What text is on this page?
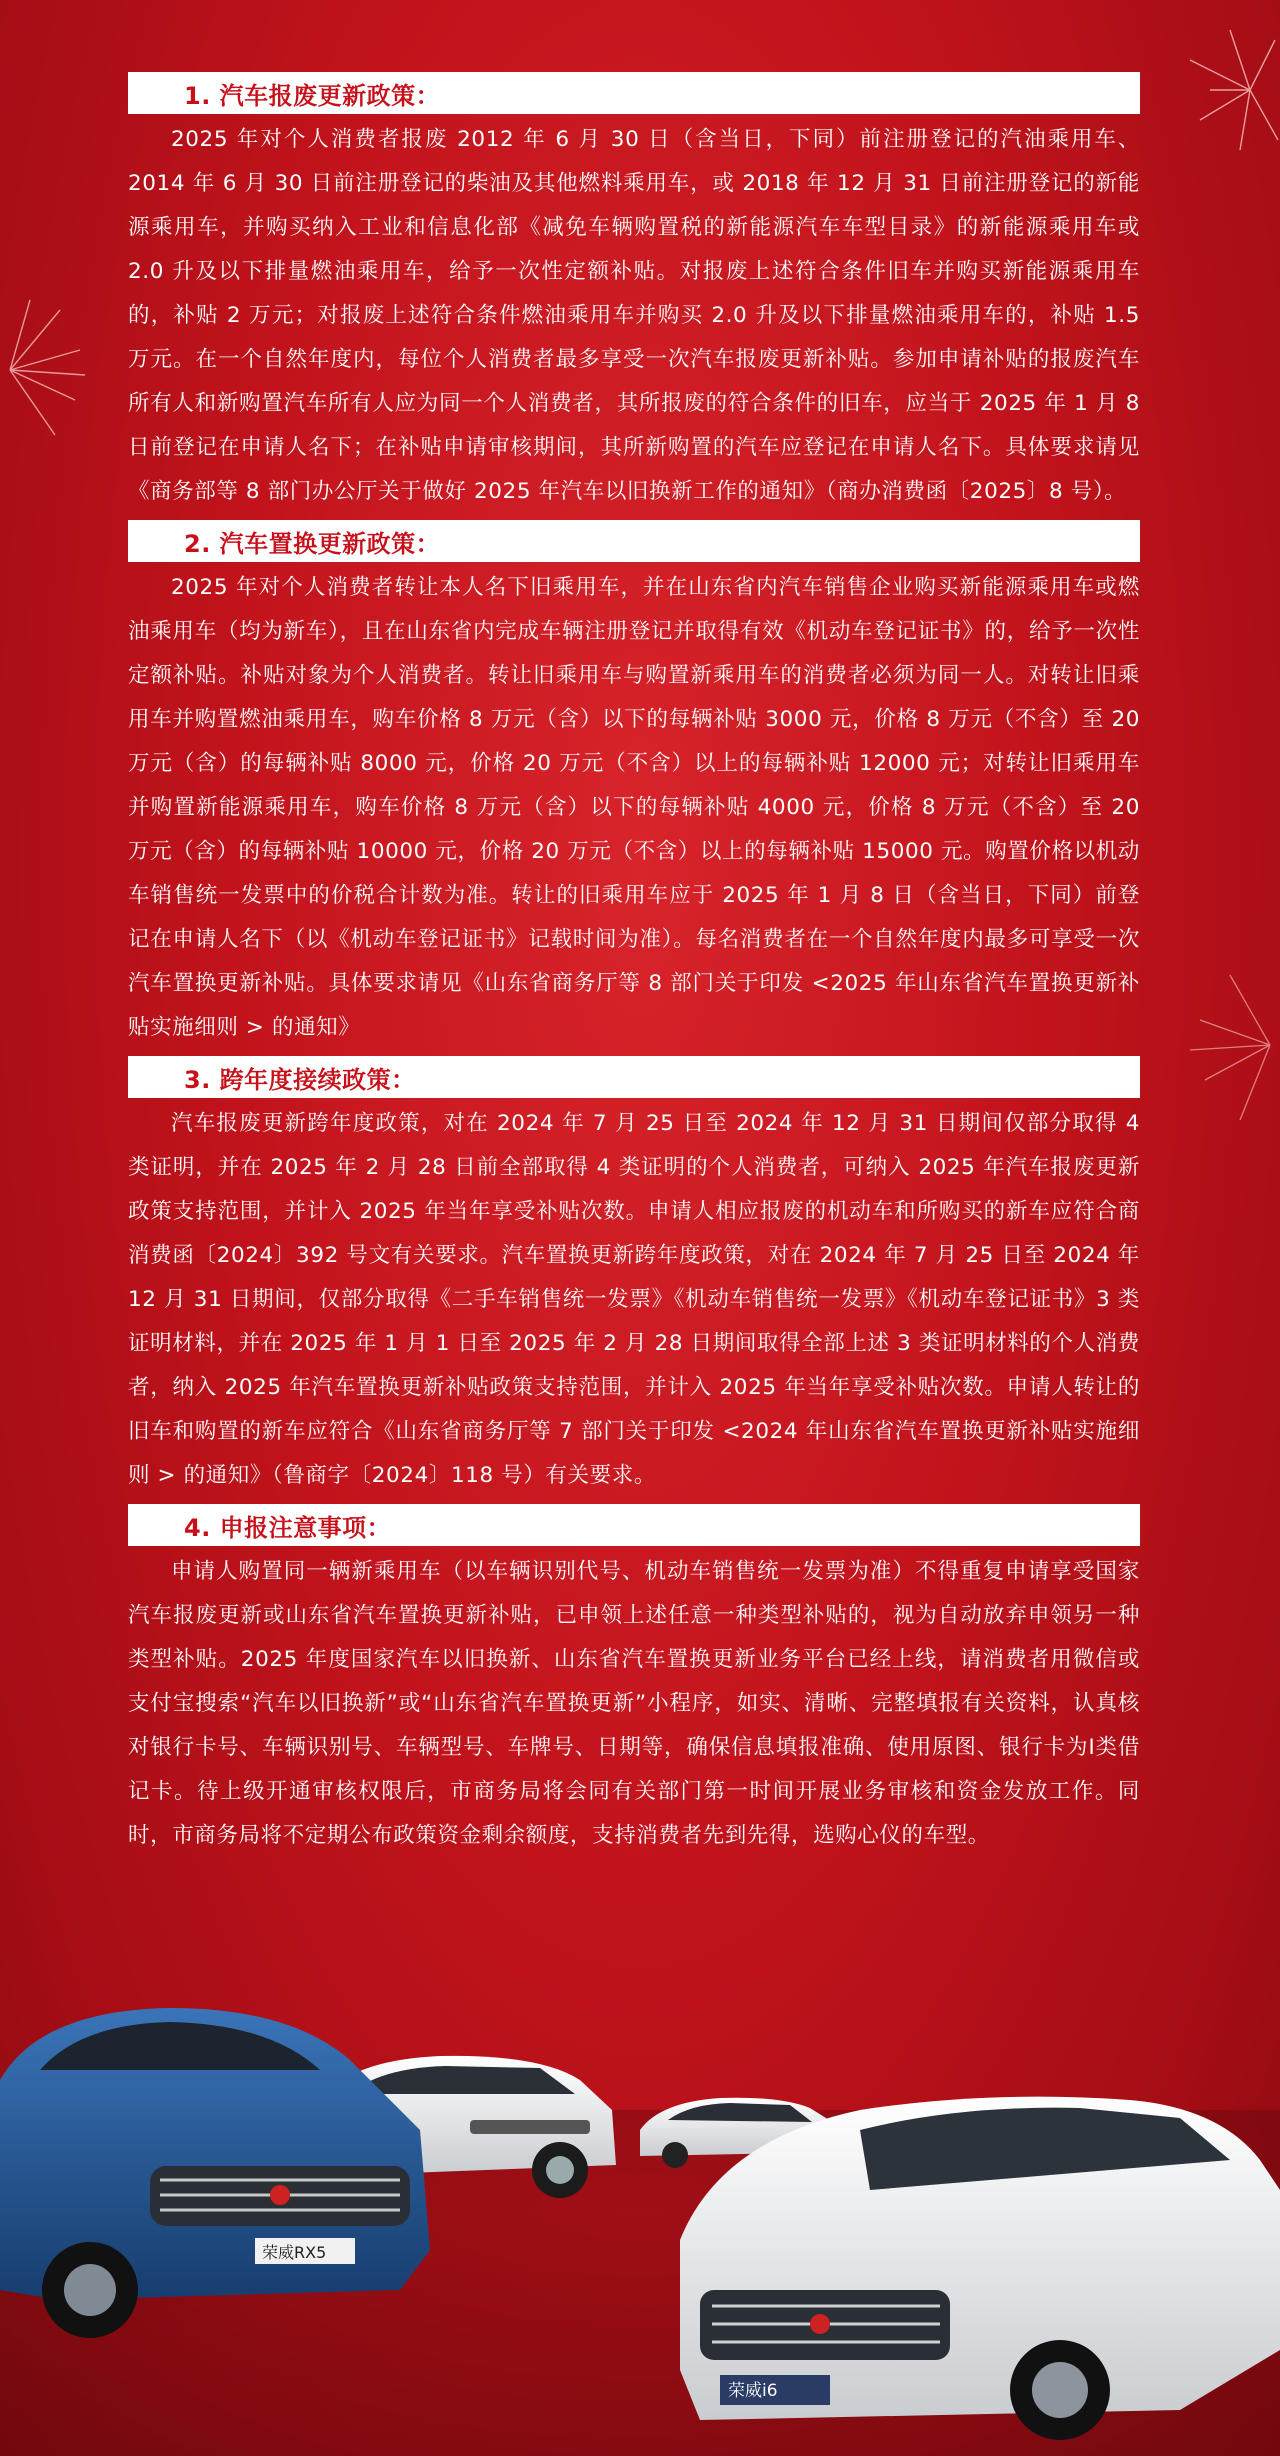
1. 汽车报废更新政策：

2025 年对个人消费者报废 2012 年 6 月 30 日（含当日，下同）前注册登记的汽油乘用车、2014 年 6 月 30 日前注册登记的柴油及其他燃料乘用车，或 2018 年 12 月 31 日前注册登记的新能源乘用车，并购买纳入工业和信息化部《减免车辆购置税的新能源汽车车型目录》的新能源乘用车或 2.0 升及以下排量燃油乘用车，给予一次性定额补贴。对报废上述符合条件旧车并购买新能源乘用车的，补贴 2 万元；对报废上述符合条件燃油乘用车并购买 2.0 升及以下排量燃油乘用车的，补贴 1.5 万元。在一个自然年度内，每位个人消费者最多享受一次汽车报废更新补贴。参加申请补贴的报废汽车所有人和新购置汽车所有人应为同一个人消费者，其所报废的符合条件的旧车，应当于 2025 年 1 月 8 日前登记在申请人名下；在补贴申请审核期间，其所新购置的汽车应登记在申请人名下。具体要求请见《商务部等 8 部门办公厅关于做好 2025 年汽车以旧换新工作的通知》（商办消费函〔2025〕8 号）。

2. 汽车置换更新政策：

2025 年对个人消费者转让本人名下旧乘用车，并在山东省内汽车销售企业购买新能源乘用车或燃油乘用车（均为新车），且在山东省内完成车辆注册登记并取得有效《机动车登记证书》的，给予一次性定额补贴。补贴对象为个人消费者。转让旧乘用车与购置新乘用车的消费者必须为同一人。对转让旧乘用车并购置燃油乘用车，购车价格 8 万元（含）以下的每辆补贴 3000 元，价格 8 万元（不含）至 20 万元（含）的每辆补贴 8000 元，价格 20 万元（不含）以上的每辆补贴 12000 元；对转让旧乘用车并购置新能源乘用车，购车价格 8 万元（含）以下的每辆补贴 4000 元，价格 8 万元（不含）至 20 万元（含）的每辆补贴 10000 元，价格 20 万元（不含）以上的每辆补贴 15000 元。购置价格以机动车销售统一发票中的价税合计数为准。转让的旧乘用车应于 2025 年 1 月 8 日（含当日，下同）前登记在申请人名下（以《机动车登记证书》记载时间为准）。每名消费者在一个自然年度内最多可享受一次汽车置换更新补贴。具体要求请见《山东省商务厅等 8 部门关于印发 <2025 年山东省汽车置换更新补贴实施细则 > 的通知》

3. 跨年度接续政策：

汽车报废更新跨年度政策，对在 2024 年 7 月 25 日至 2024 年 12 月 31 日期间仅部分取得 4 类证明，并在 2025 年 2 月 28 日前全部取得 4 类证明的个人消费者，可纳入 2025 年汽车报废更新政策支持范围，并计入 2025 年当年享受补贴次数。申请人相应报废的机动车和所购买的新车应符合商消费函〔2024〕392 号文有关要求。汽车置换更新跨年度政策，对在 2024 年 7 月 25 日至 2024 年 12 月 31 日期间，仅部分取得《二手车销售统一发票》《机动车销售统一发票》《机动车登记证书》3 类证明材料，并在 2025 年 1 月 1 日至 2025 年 2 月 28 日期间取得全部上述 3 类证明材料的个人消费者，纳入 2025 年汽车置换更新补贴政策支持范围，并计入 2025 年当年享受补贴次数。申请人转让的旧车和购置的新车应符合《山东省商务厅等 7 部门关于印发 <2024 年山东省汽车置换更新补贴实施细则 > 的通知》（鲁商字〔2024〕118 号）有关要求。

4. 申报注意事项：

申请人购置同一辆新乘用车（以车辆识别代号、机动车销售统一发票为准）不得重复申请享受国家汽车报废更新或山东省汽车置换更新补贴，已申领上述任意一种类型补贴的，视为自动放弃申领另一种类型补贴。2025 年度国家汽车以旧换新、山东省汽车置换更新业务平台已经上线，请消费者用微信或支付宝搜索“汽车以旧换新”或“山东省汽车置换更新”小程序，如实、清晰、完整填报有关资料，认真核对银行卡号、车辆识别号、车辆型号、车牌号、日期等，确保信息填报准确、使用原图、银行卡为Ⅰ类借记卡。待上级开通审核权限后，市商务局将会同有关部门第一时间开展业务审核和资金发放工作。同时，市商务局将不定期公布政策资金剩余额度，支持消费者先到先得，选购心仪的车型。

荣威RX5
荣威i6
